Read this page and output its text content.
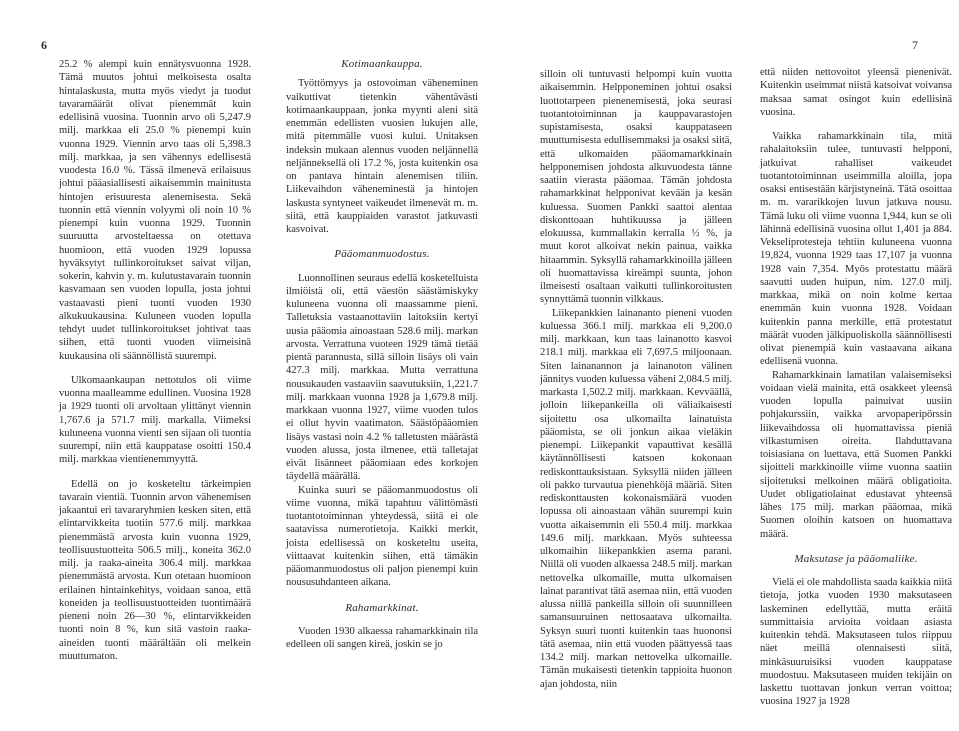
6	7

25.2 % alempi kuin ennätysvuonna 1928. Tämä muutos johtui melkoisesta osalta hintalaskusta, mutta myös viedyt ja tuodut tavaramäärät olivat pienemmät kuin edellisinä vuosina. Tuonnin arvo oli 5,247.9 milj. markkaa eli 25.0 % pienempi kuin vuonna 1929. Viennin arvo taas oli 5,398.3 milj. markkaa, ja sen vähennys edellisestä vuodesta 16.0 %. Tässä ilmenevä erilaisuus johtui pääasiallisesti aikaisemmin mainitusta hintojen erisuuresta alenemisesta. Sekä tuonnin että viennin volyymi oli noin 10 % pienempi kuin vuonna 1929. Tuonnin suuruutta arvosteltaessa on otettava huomioon, että vuoden 1929 lopussa hyväksytyt tullinkoroitukset saivat viljan, sokerin, kahvin y. m. kulutustavarain tuonnin kasvamaan sen vuoden lopulla, josta johtui vastaavasti pieni tuonti vuoden 1930 alkukuukausina. Kuluneen vuoden lopulla tehdyt uudet tullinkoroitukset johtivat taas siihen, että tuonti vuoden viimeisinä kuukausina oli säännöllistä suurempi.

Ulkomaankaupan nettotulos oli viime vuonna maalleamme edullinen. Vuosina 1928 ja 1929 tuonti oli arvoltaan ylittänyt viennin 1,767.6 ja 571.7 milj. markalla. Viimeksi kuluneena vuonna vienti sen sijaan oli tuontia suurempi, niin että kauppatase osoitti 150.4 milj. markkaa vientienemmyyttä.

Edellä on jo kosketeltu tärkeimpien tavarain vientiä. Tuonnin arvon vähenemisen jakaantui eri tavararyhmien kesken siten, että elintarvikkeita tuotiin 577.6 milj. markkaa pienemmästä arvosta kuin vuonna 1929, teollisuustuotteita 506.5 milj., koneita 362.0 milj. ja raaka-aineita 306.4 milj. markkaa pienemmästä arvosta. Kun otetaan huomioon erilainen hintainkehitys, voidaan sanoa, että koneiden ja teollisuustuotteiden tuontimäärä pieneni noin 26—30 %, elintarvikkeiden tuonti noin 8 %, kun sitä vastoin raaka-aineiden tuonti määrältään oli melkein muuttumaton.

Kotimaankauppa.

Työttömyys ja ostovoiman väheneminen vaikuttivat tietenkin vähentävästi kotimaankauppaan, jonka myynti aleni sitä enemmän edellisten vuosien lukujen alle, mitä pitemmälle vuosi kului. Unitaksen indeksin mukaan alennus vuoden neljännellä neljänneksellä oli 17.2 %, josta kuitenkin osa on pantava hintain alenemisen tiliin. Liikevaihdon väheneminestä ja hintojen laskusta syntyneet vaikeudet ilmenevät m. m. siitä, että kauppiaiden varastot jatkuvasti kasvoivat.

Pääomanmuodostus.

Luonnollinen seuraus edellä kosketelluista ilmiöistä oli, että väestön säästämiskyky kuluneena vuonna oli maassamme pieni. Talletuksia vastaanottaviin laitoksiin kertyi uusia pääomia ainoastaan 528.6 milj. markan arvosta. Verrattuna vuoteen 1929 tämä tietää pientä parannusta, sillä silloin lisäys oli vain 427.3 milj. markkaa. Mutta verrattuna nousukauden vastaaviin saavutuksiin, 1,221.7 milj. markkaan vuonna 1928 ja 1,679.8 milj. markkaan vuonna 1927, viime vuoden tulos ei ollut hyvin vaatimaton. Säästöpääomien lisäys vastasi noin 4.2 % talletusten määrästä vuoden alussa, josta ilmenee, että talletajat eivät lisänneet pääomiaan edes korkojen täydellä määrällä.

Kuinka suuri se pääomanmuodostus oli viime vuonna, mikä tapahtuu välittömästi tuotantotoiminnan yhteydessä, siitä ei ole saatavissa numerotietoja. Kaikki merkit, joista edellisessä on kosketeltu useita, viittaavat kuitenkin siihen, että tämäkin pääomanmuodostus oli paljon pienempi kuin noususuhdanteen aikana.

Rahamarkkinat.

Vuoden 1930 alkaessa rahamarkkinain tila edelleen oli sangen kireä, joskin se jo

silloin oli tuntuvasti helpompi kuin vuotta aikaisemmin. Helpponeminen johtui osaksi luottotarpeen pienenemisestä, joka seurasi tuotantotoiminnan ja kauppavarastojen supistamisesta, osaksi kauppataseen muuttumisesta edullisemmaksi ja osaksi siitä, että ulkomaiden pääomamarkkinain helpponemisen johdosta alkuvuodesta tänne saatiin vierasta pääomaa. Tämän johdosta rahamarkkinat helpponivat kevään ja kesän kuluessa. Suomen Pankki saattoi alentaa diskonttoaan huhtikuussa ja jälleen elokuussa, kummallakin kerralla ½ %, ja muut korot alkoivat nekin painua, vaikka hitaammin. Syksyllä rahamarkkinoilla jälleen oli huomattavissa kireämpi suunta, johon ilmeisesti osaltaan vaikutti tullinkoroitusten synnyttämä tuonnin vilkkaus.

Liikepankkien lainananto pieneni vuoden kuluessa 366.1 milj. markkaa eli 9,200.0 milj. markkaan, kun taas lainanotto kasvoi 218.1 milj. markkaa eli 7,697.5 miljoonaan. Siten lainanannon ja lainanoton välinen jännitys vuoden kuluessa väheni 2,084.5 milj. markasta 1,502.2 milj. markkaan. Kevväällä, jolloin liikepankeilla oli väliaikaisesti sijoitettu osa ulkomailta lainatuista pääomista, se oli jonkun aikaa vieläkin pienempi. Liikepankit vapauttivat kesällä käytännöllisesti katsoen kokonaan rediskonttauksistaan. Syksyllä niiden jälleen oli pakko turvautua pienehköjä määriä. Siten rediskonttausten kokonaismäärä vuoden lopussa oli ainoastaan vähän suurempi kuin vuotta aikaisemmin eli 550.4 milj. markkaa 149.6 milj. markkaan. Myös suhteessa ulkomaihin liikepankkien asema parani. Niillä oli vuoden alkaessa 248.5 milj. markan nettovelka ulkomaille, mutta ulkomaisen lainat parantivat tätä asemaa niin, että vuoden alussa niillä pankeilla silloin oli suunnilleen samansuuruinen nettosaatava ulkomailta. Syksyn suuri tuonti kuitenkin taas huononsi tätä asemaa, niin että vuoden päättyessä taas 134.2 milj. markan nettovelka ulkomaille. Tämän mukaisesti tietenkin tappioita huonon ajan johdosta, niin

että niiden nettovoitot yleensä pienenivät. Kuitenkin useimmat niistä katsoivat voivansa maksaa samat osingot kuin edellisinä vuosina.

Vaikka rahamarkkinain tila, mitä rahalaitoksiin tulee, tuntuvasti helpponi, jatkuivat rahalliset vaikeudet tuotantotoiminnan useimmilla aloilla, jopa osaksi entisestään kärjistyneinä. Tätä osoittaa m. m. vararikkojen luvun jatkuva nousu. Tämä luku oli viime vuonna 1,944, kun se oli lähinnä edellisinä vuosina ollut 1,401 ja 884. Vekseliprotesteja tehtiin kuluneena vuonna 19,824, vuonna 1929 taas 17,107 ja vuonna 1928 vain 7,354. Myös protestattu määrä saavutti uuden huipun, nim. 127.0 milj. markkaa, mikä on noin kolme kertaa enemmän kuin vuonna 1928. Voidaan kuitenkin panna merkille, että protestatut määrät vuoden jälkipuoliskolla säännöllisesti olivat pienempiä kuin vastaavana aikana edellisenä vuonna.

Rahamarkkinain lamatilan valaisemiseksi voidaan vielä mainita, että osakkeet yleensä vuoden lopulla painuivat uusiin pohjakurssiin, vaikka arvopaperipörssin liikevaihdossa oli huomattavissa pieniä vilkastumisen oireita. Ilahduttavana toisiasiana on luettava, että Suomen Pankki sijoitteli markkinoille viime vuonna saatiin sijoitetuksi melkoinen määrä obligatioita. Uudet obligatiolainat edustavat yhteensä lähes 175 milj. markan pääomaa, mikä Suomen oloihin katsoen on huomattava määrä.

Maksutase ja pääomaliike.

Vielä ei ole mahdollista saada kaikkia niitä tietoja, jotka vuoden 1930 maksutaseen laskeminen edellyttää, mutta eräitä summittaisia arvioita voidaan asiasta kuitenkin tehdä. Maksutaseen tulos riippuu näet meillä olennaisesti siitä, minkäsuuruisiksi vuoden kauppatase muodostuu. Maksutaseen muiden tekijäin on laskettu tuottavan jonkun verran voittoa; vuosina 1927 ja 1928
